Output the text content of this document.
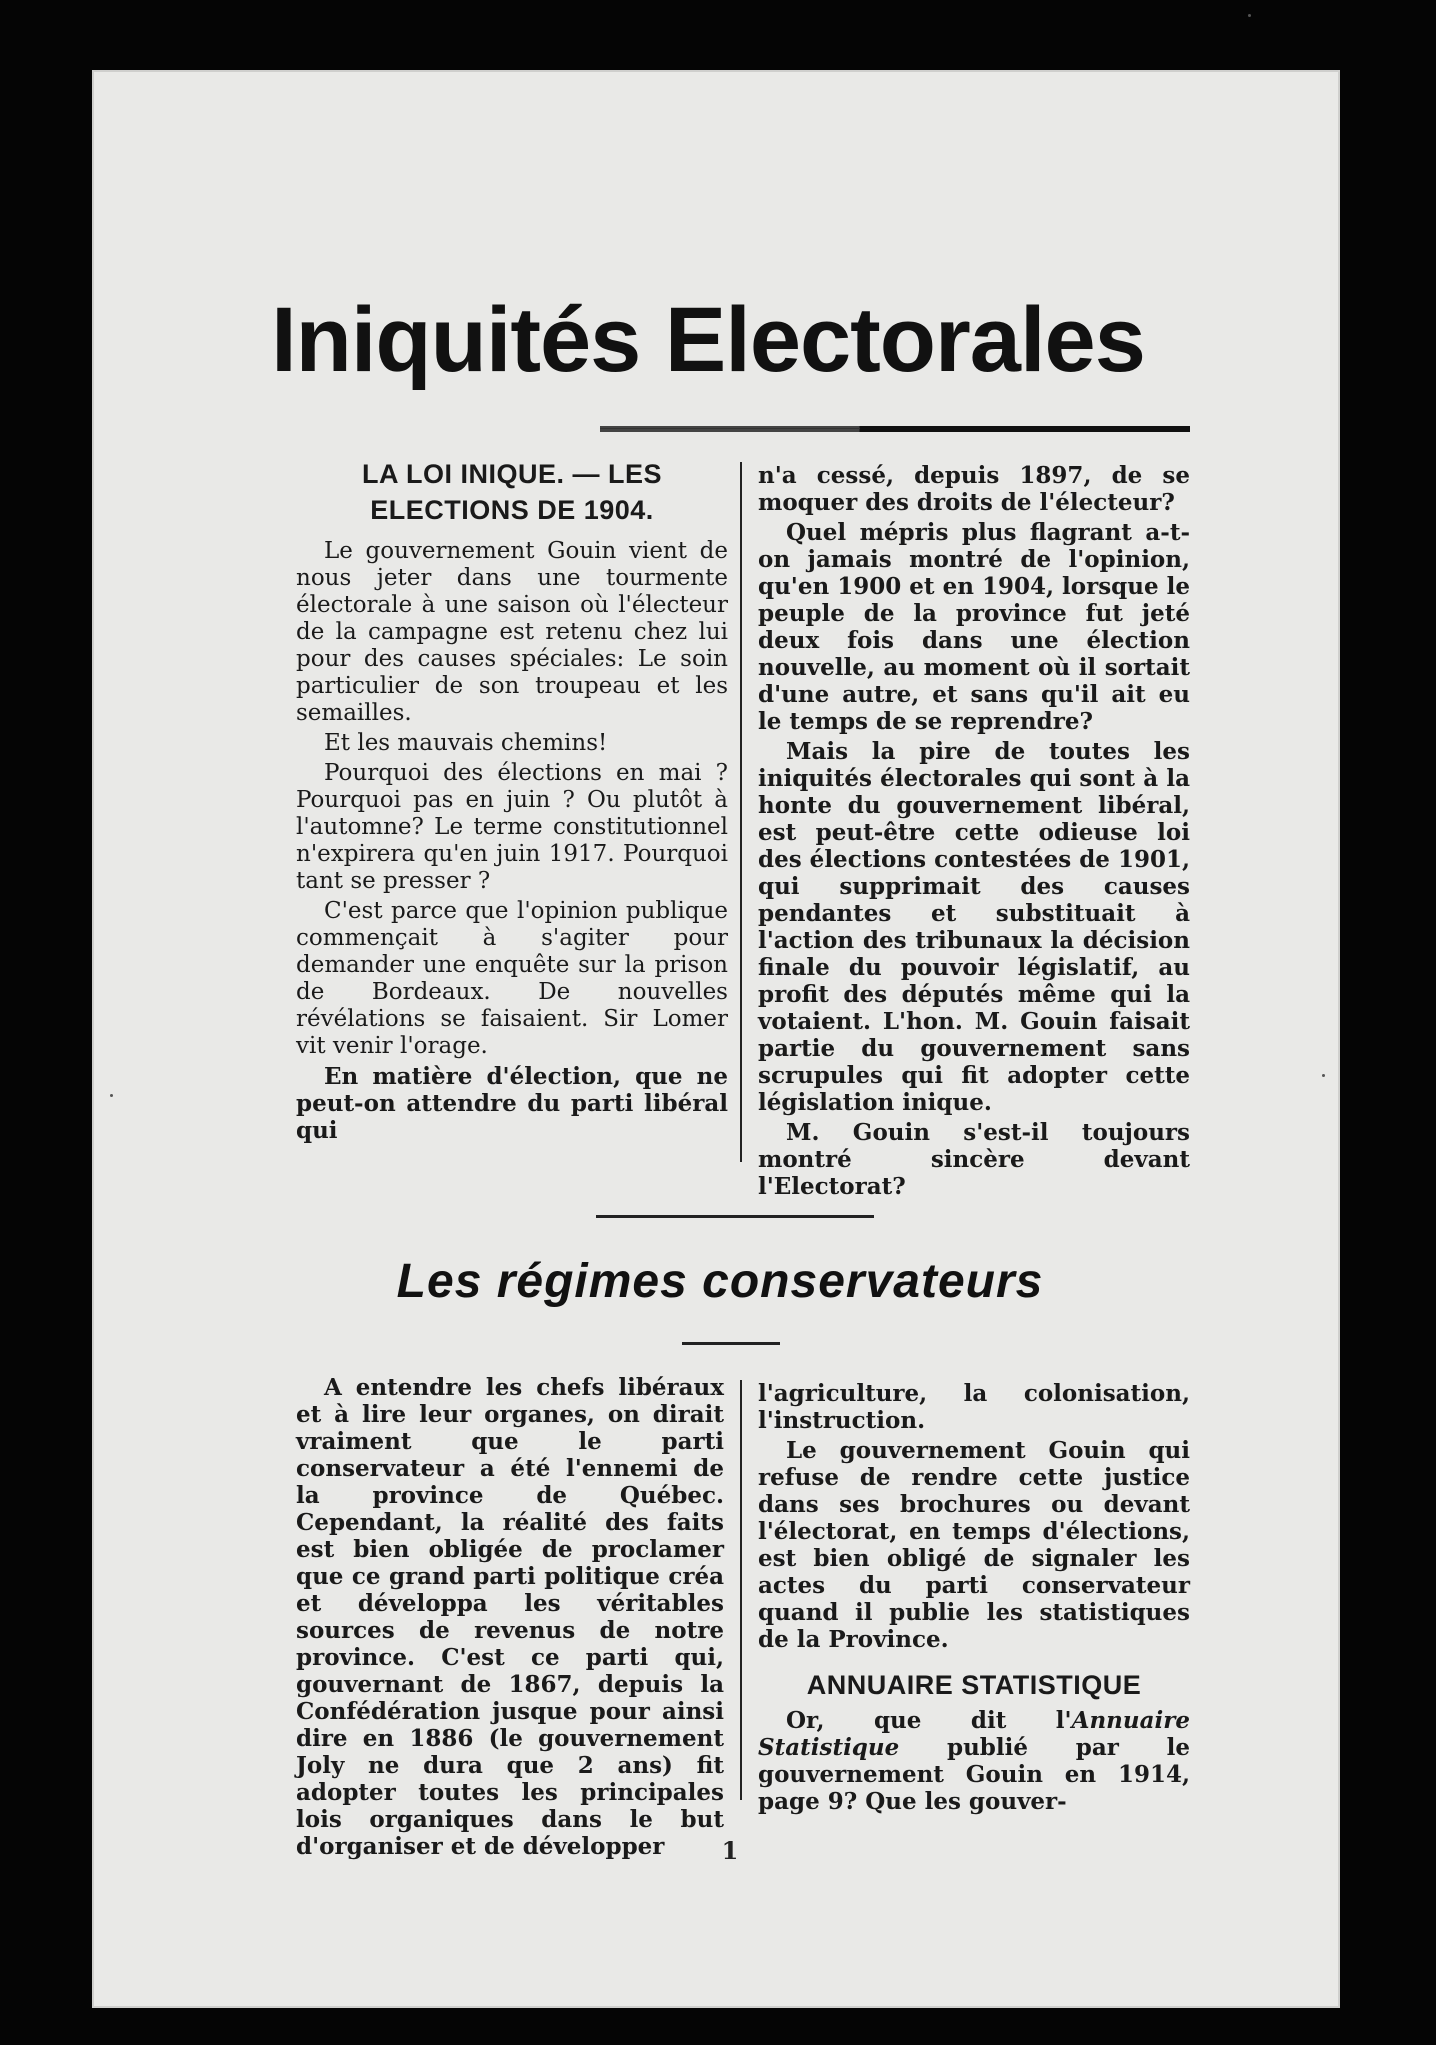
Iniquités Electorales
LA LOI INIQUE. — LES ELECTIONS DE 1904.

Le gouvernement Gouin vient de nous jeter dans une tourmente électorale à une saison où l'électeur de la campagne est retenu chez lui pour des causes spéciales: Le soin particulier de son troupeau et les semailles.

Et les mauvais chemins!

Pourquoi des élections en mai ? Pourquoi pas en juin ? Ou plutôt à l'automne? Le terme constitutionnel n'expirera qu'en juin 1917. Pourquoi tant se presser ?

C'est parce que l'opinion publique commençait à s'agiter pour demander une enquête sur la prison de Bordeaux. De nouvelles révélations se faisaient. Sir Lomer vit venir l'orage.

En matière d'élection, que ne peut-on attendre du parti libéral qui

n'a cessé, depuis 1897, de se moquer des droits de l'électeur?

Quel mépris plus flagrant a-t-on jamais montré de l'opinion, qu'en 1900 et en 1904, lorsque le peuple de la province fut jeté deux fois dans une élection nouvelle, au moment où il sortait d'une autre, et sans qu'il ait eu le temps de se reprendre?

Mais la pire de toutes les iniquités électorales qui sont à la honte du gouvernement libéral, est peut-être cette odieuse loi des élections contestées de 1901, qui supprimait des causes pendantes et substituait à l'action des tribunaux la décision finale du pouvoir législatif, au profit des députés même qui la votaient. L'hon. M. Gouin faisait partie du gouvernement sans scrupules qui fit adopter cette législation inique.

M. Gouin s'est-il toujours montré sincère devant l'Electorat?

Les régimes conservateurs

A entendre les chefs libéraux et à lire leur organes, on dirait vraiment que le parti conservateur a été l'ennemi de la province de Québec. Cependant, la réalité des faits est bien obligée de proclamer que ce grand parti politique créa et développa les véritables sources de revenus de notre province. C'est ce parti qui, gouvernant de 1867, depuis la Confédération jusque pour ainsi dire en 1886 (le gouvernement Joly ne dura que 2 ans) fit adopter toutes les principales lois organiques dans le but d'organiser et de développer

l'agriculture, la colonisation, l'instruction.

Le gouvernement Gouin qui refuse de rendre cette justice dans ses brochures ou devant l'électorat, en temps d'élections, est bien obligé de signaler les actes du parti conservateur quand il publie les statistiques de la Province.

ANNUAIRE STATISTIQUE

Or, que dit l'Annuaire Statistique publié par le gouvernement Gouin en 1914, page 9? Que les gouver-

1
